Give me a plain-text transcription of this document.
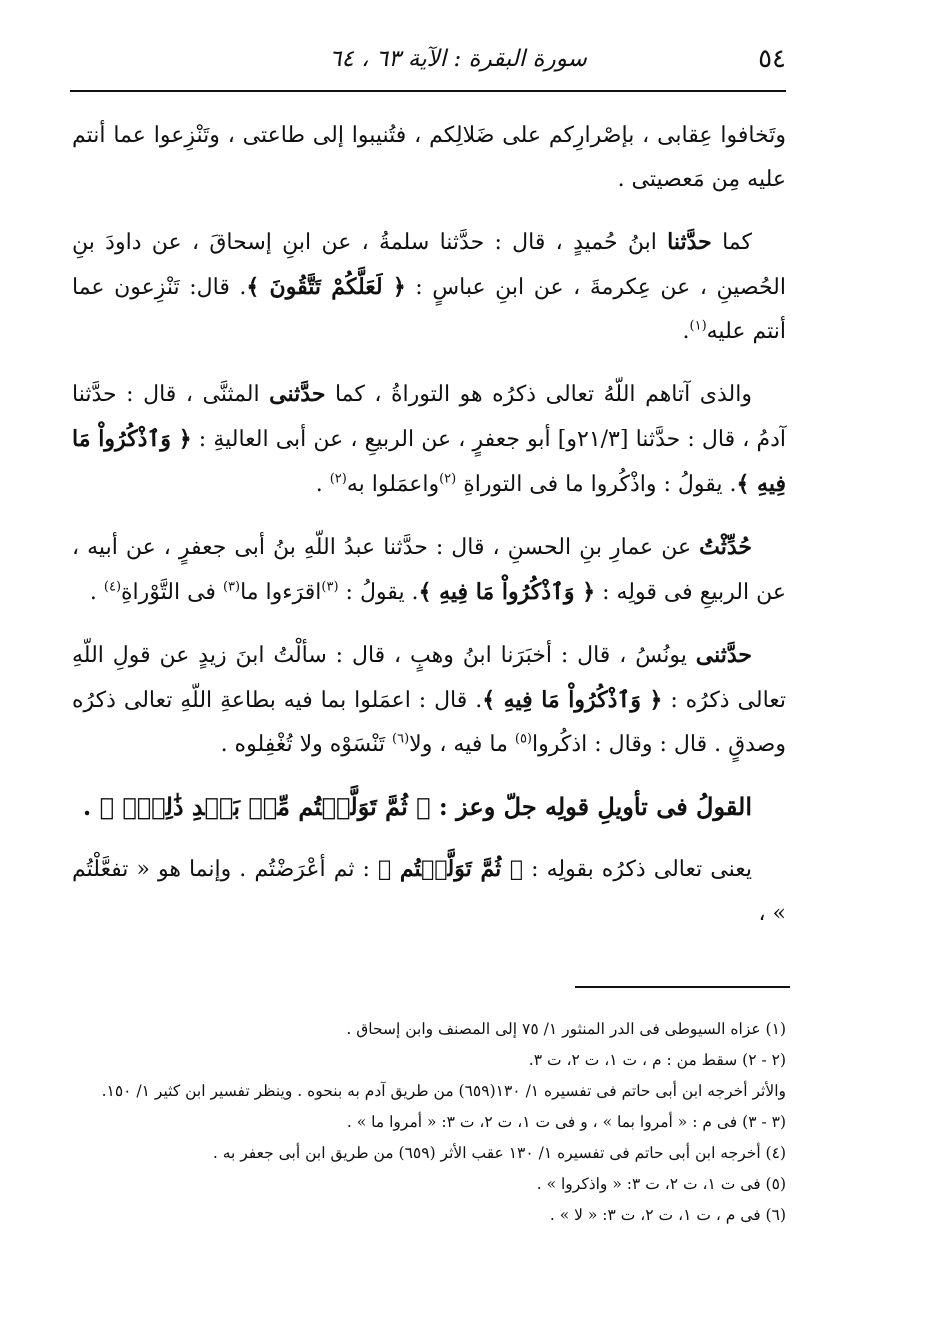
٥٤
سورة البقرة : الآية ٦٣ ، ٦٤

وتَخافوا عِقابى ، بإصْرارِكم على ضَلالِكم ، فتُنيبوا إلى طاعتى ، وتَنْزِعوا عما أنتم عليه مِن مَعصيتى .

كما حدَّثنا ابنُ حُميدٍ ، قال : حدَّثنا سلمةُ ، عن ابنِ إسحاقَ ، عن داودَ بنِ الحُصينِ ، عن عِكرمةَ ، عن ابنِ عباسٍ : ﴿ لَعَلَّكُمْ تَتَّقُونَ ﴾. قال: تَنْزِعون عما أنتم عليه$^{(١)}$.

والذى آتاهم اللّهُ تعالى ذكرُه هو التوراةُ ، كما حدَّثنى المثنَّى ، قال : حدَّثنا آدمُ ، قال : حدَّثنا [٢١/٣و] أبو جعفرٍ ، عن الربيعِ ، عن أبى العاليةِ : ﴿ وَٱذْكُرُواْ مَا فِيهِ ﴾. يقولُ : واذْكُروا ما فى التوراةِ $^{(٢)}$واعمَلوا به$^{(٢)}$ .

حُدِّثْتُ عن عمارِ بنِ الحسنِ ، قال : حدَّثنا عبدُ اللّهِ بنُ أبى جعفرٍ ، عن أبيه ، عن الربيعِ فى قولِه : ﴿ وَٱذْكُرُواْ مَا فِيهِ ﴾. يقولُ : $^{(٣)}$اقرَءوا ما$^{(٣)}$ فى التَّوْراةِ$^{(٤)}$ .

حدَّثنى يونُسُ ، قال : أخبَرَنا ابنُ وهبٍ ، قال : سألْتُ ابنَ زيدٍ عن قولِ اللّهِ تعالى ذكرُه : ﴿ وَٱذْكُرُواْ مَا فِيهِ ﴾. قال : اعمَلوا بما فيه بطاعةِ اللّهِ تعالى ذكرُه وصدقٍ . قال : وقال : اذكُروا$^{(٥)}$ ما فيه ، ولا$^{(٦)}$ تَنْسَوْه ولا تُغْفِلوه .

القولُ فى تأويلِ قولِه جلّ وعز : ﴿ ثُمَّ تَوَلَّيۡتُم مِّنۢ بَعۡدِ ذَٰلِكَۖ ﴾ .

يعنى تعالى ذكرُه بقولِه : ﴿ ثُمَّ تَوَلَّيۡتُم ﴾ : ثم أعْرَضْتُم . وإنما هو « تفعَّلْتُم » ،

(١) عزاه السيوطى فى الدر المنثور ١/ ٧٥ إلى المصنف وابن إسحاق .

(٢ - ٢) سقط من : م ، ت ١، ت ٢، ت ٣.

والأثر أخرجه ابن أبى حاتم فى تفسيره ١/ ١٣٠(٦٥٩) من طريق آدم به بنحوه . وينظر تفسير ابن كثير ١/ ١٥٠.

(٣ - ٣) فى م : « أمروا بما » ، و فى ت ١، ت ٢، ت ٣: « أمروا ما » .

(٤) أخرجه ابن أبى حاتم فى تفسيره ١/ ١٣٠ عقب الأثر (٦٥٩) من طريق ابن أبى جعفر به .

(٥) فى ت ١، ت ٢، ت ٣: « واذكروا » .

(٦) فى م ، ت ١، ت ٢، ت ٣: « لا » .
